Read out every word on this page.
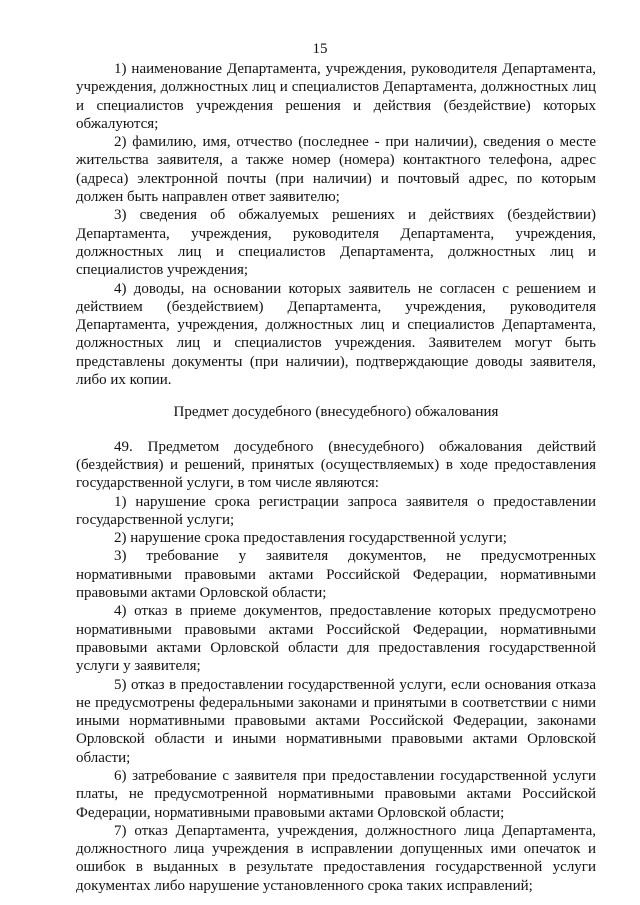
15

1) наименование Департамента, учреждения, руководителя Департамента, учреждения, должностных лиц и специалистов Департамента, должностных лиц и специалистов учреждения решения и действия (бездействие) которых обжалуются;

2) фамилию, имя, отчество (последнее - при наличии), сведения о месте жительства заявителя, а также номер (номера) контактного телефона, адрес (адреса) электронной почты (при наличии) и почтовый адрес, по которым должен быть направлен ответ заявителю;

3) сведения об обжалуемых решениях и действиях (бездействии) Департамента, учреждения, руководителя Департамента, учреждения, должностных лиц и специалистов Департамента, должностных лиц и специалистов учреждения;

4) доводы, на основании которых заявитель не согласен с решением и действием (бездействием) Департамента, учреждения, руководителя Департамента, учреждения, должностных лиц и специалистов Департамента, должностных лиц и специалистов учреждения. Заявителем могут быть представлены документы (при наличии), подтверждающие доводы заявителя, либо их копии.

Предмет досудебного (внесудебного) обжалования

49. Предметом досудебного (внесудебного) обжалования действий (бездействия) и решений, принятых (осуществляемых) в ходе предоставления государственной услуги, в том числе являются:

1) нарушение срока регистрации запроса заявителя о предоставлении государственной услуги;

2) нарушение срока предоставления государственной услуги;

3) требование у заявителя документов, не предусмотренных нормативными правовыми актами Российской Федерации, нормативными правовыми актами Орловской области;

4) отказ в приеме документов, предоставление которых предусмотрено нормативными правовыми актами Российской Федерации, нормативными правовыми актами Орловской области для предоставления государственной услуги у заявителя;

5) отказ в предоставлении государственной услуги, если основания отказа не предусмотрены федеральными законами и принятыми в соответствии с ними иными нормативными правовыми актами Российской Федерации, законами Орловской области и иными нормативными правовыми актами Орловской области;

6) затребование с заявителя при предоставлении государственной услуги платы, не предусмотренной нормативными правовыми актами Российской Федерации, нормативными правовыми актами Орловской области;

7) отказ Департамента, учреждения, должностного лица Департамента, должностного лица учреждения в исправлении допущенных ими опечаток и ошибок в выданных в результате предоставления государственной услуги документах либо нарушение установленного срока таких исправлений;
